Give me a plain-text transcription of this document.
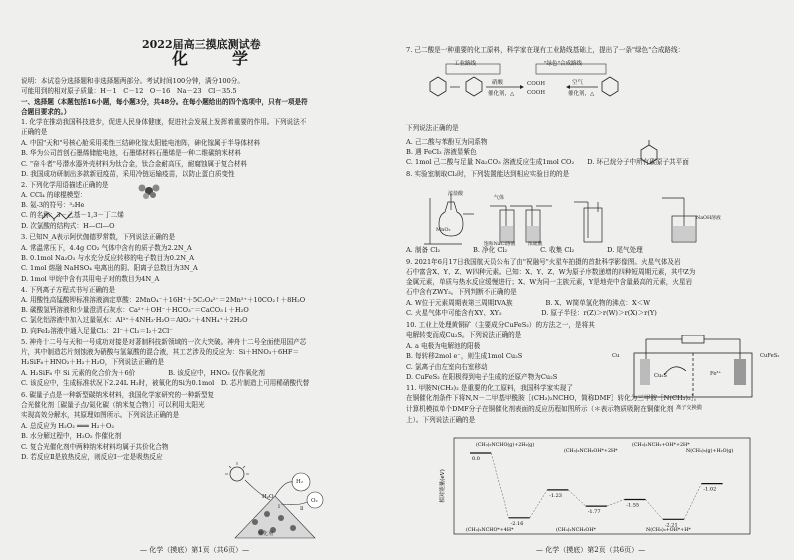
2022届高三摸底测试卷
化　学
说明：本试卷分选择题和非选择题两部分。考试时间100分钟，满分100分。
可能用到的相对原子质量：H－1　C－12　O－16　Na－23　Cl－35.5
一、选择题（本题包括16小题，每小题3分，共48分。在每小题给出的四个选项中，只有一项是符
合题目要求的。）
1. 化学在推动我国科技进步，促进人民身体健康，促进社会发展上发挥着重要的作用。下列说法不
正确的是
A. 中国"天和"号核心舱采用柔性三结砷化镓太阳能电池阵，砷化镓属于半导体材料
B. 华为公司首创石墨烯储能电池，石墨烯材料石墨烯是一种二维碳纳米材料
C. "奋斗者"号潜水器外壳材料为钛合金，钛合金耐高压，耐腐蚀属于复合材料
D. 我国成功研制出多款新冠疫苗，采用冷链运输疫苗，以防止蛋白质变性
2. 下列化学用语描述正确的是
A. CCl₄ 的球棍模型：
B. 氦-3的符号：³₂He
C. 的名称：3－乙基－1,3－丁二烯
D. 次氯酸的结构式：H—Cl—O
3. 已知N_A表示阿伏伽德罗常数，下列说法正确的是
A. 常温常压下，4.4g CO₂ 气体中含有的质子数为2.2N_A
B. 0.1mol Na₂O₂ 与水充分反应转移的电子数目为0.2N_A
C. 1mol 熔融 NaHSO₄ 电离出的阴、阳离子总数目为3N_A
D. 1mol 甲烷中含有共用电子对的数目为4N_A
4. 下列离子方程式书写正确的是
A. 用酸性高锰酸钾标准溶液滴定草酸：2MnO₄⁻＋16H⁺＋5C₂O₄²⁻＝2Mn²⁺＋10CO₂↑＋8H₂O
B. 碳酸氢钙溶液和少量澄清石灰水：Ca²⁺＋OH⁻＋HCO₃⁻＝CaCO₃↓＋H₂O
C. 氯化铝溶液中加入过量氨水：Al³⁺＋4NH₃·H₂O＝AlO₂⁻＋4NH₄⁺＋2H₂O
D. 向FeI₂溶液中通入足量Cl₂：2I⁻＋Cl₂＝I₂＋2Cl⁻
5. 神舟十二号与天和一号成功对接是对著制科技新领域的一次大突破。神舟十二号全面使用国产芯
片，其中制造芯片刻蚀液为硝酸与氢氟酸的混合液，其工艺涉及的反应为：Si＋HNO₃＋6HF＝
H₂SiF₆＋HNO₂＋H₂＋H₂O，下列说法正确的是
A. H₂SiF₆ 中 Si 元素的化合价为＋6价　　　　　B. 该反应中，HNO₃ 仅作氧化剂
C. 该反应中，生成标准状况下2.24L H₂时，被氧化的Si为0.1mol　D. 芯片制造上可用稀硝酸代替
6. 碳量子点是一种新型碳纳米材料，我国化学家研究的一种新型复
合光催化剂［碳量子点/氮化碳（纳米复合物）］可以利用太阳光
实现高效分解水，其原理如图所示。下列说法正确的是
A. 总反应为 H₂O₂ ═══ H₂＋O₂
B. 水分解过程中，H₂O₂ 作催化剂
C. 复合光催化剂中两种纳米材料均属于共价化合物
D. 若反应Ⅱ是放热反应，则反应Ⅰ一定是吸热反应
H₂O
H₂
O₂
Ⅰ	Ⅱ
催化剂
— 化学（摸底）第1页（共6页）—
7. 己二酸是一种重要的化工原料，科学家在现有工业路线基础上，提出了一条"绿色"合成路线：
下列说法正确的是
A. 己二酸与苯酚互为同系物
B. 遇 FeCl₃ 溶液显紫色
C. 1mol 己二酸与足量 Na₂CO₃ 溶液反应生成1mol CO₂　　D. 环己烷分子中所有碳原子共平面
8. 实验室制取Cl₂时，下列装置能达到相应实验目的的是
A. 制备 Cl₂　　　　　B. 净化 Cl₂　　　　　C. 收集 Cl₂　　　　　D. 尾气处理
9. 2021年6月17日我国航天员公布了由"祝融号"火星车拍摄的首批科学影像图。火星气体及岩
石中富含X、Y、Z、W四种元素。已知：X、Y、Z、W为原子序数递增的四种短周期元素，其中Z为
金属元素，单质与热水反应缓慢进行；X、W为同一主族元素，Y是地壳中含量最高的元素，火星岩
石中含有ZWY₃。下列判断不正确的是
A. W位于元素周期表第三周期IVA族　　　　　B. X、W简单氢化物的沸点：X＜W
C. 火星气体中可能含有XY、XY₂　　　　　　D. 原子半径：r(Z)＞r(W)＞r(X)＞r(Y)
10. 工业上处理黄铜矿（主要成分CuFeS₂）的方法之一，是将其
电解转变而成Cu₂S。下列说法正确的是
A. a 电极为电解池的阳极
B. 每转移2mol e⁻，则生成1mol Cu₂S
C. 氯离子由左室向右室移动
D. CuFeS₂ 在阳极得到电子生成的还原产物为Cu₂S
11. 甲胺N(CH₃)₂ 是重要的化工原料，我国科学家实现了
在铜催化剂条件下将N,N－二甲基甲酰胺［(CH₃)₂NCHO，简称DMF］转化为三甲胺［N(CH₃)₃］。
计算机模拟单个DMF分子在铜催化剂表面的反应历程如图所示（＊表示物质吸附在铜催化剂
上）。下列说法正确的是
工业路线	"绿色"合成路线
硝酸
催化剂，△
COOH
COOH
空气
催化剂，△
浓盐酸
MnO₂
气体
饱和NaCl溶液	浓硫酸
NaOH溶液
Cu	CuFeS₂
Cu₂S	Fe³⁺
离子交换膜
相对能量(eV)
0.0
-2.16
-1.23
-1.77
-1.55
-2.21
-1.02
(CH₃)₂NCHO(g)+2H₂(g)
(CH₃)₂NCH₂OH*+2H*
(CH₃)₂NCH₂+OH*+2H*
N(CH₃)₃(g)+H₂O(g)
(CH₃)₂NCHO*+4H*	(CH₃)₂NCH₂OH*	N(CH₃)₃+OH*+H*
— 化学（摸底）第2页（共6页）—
